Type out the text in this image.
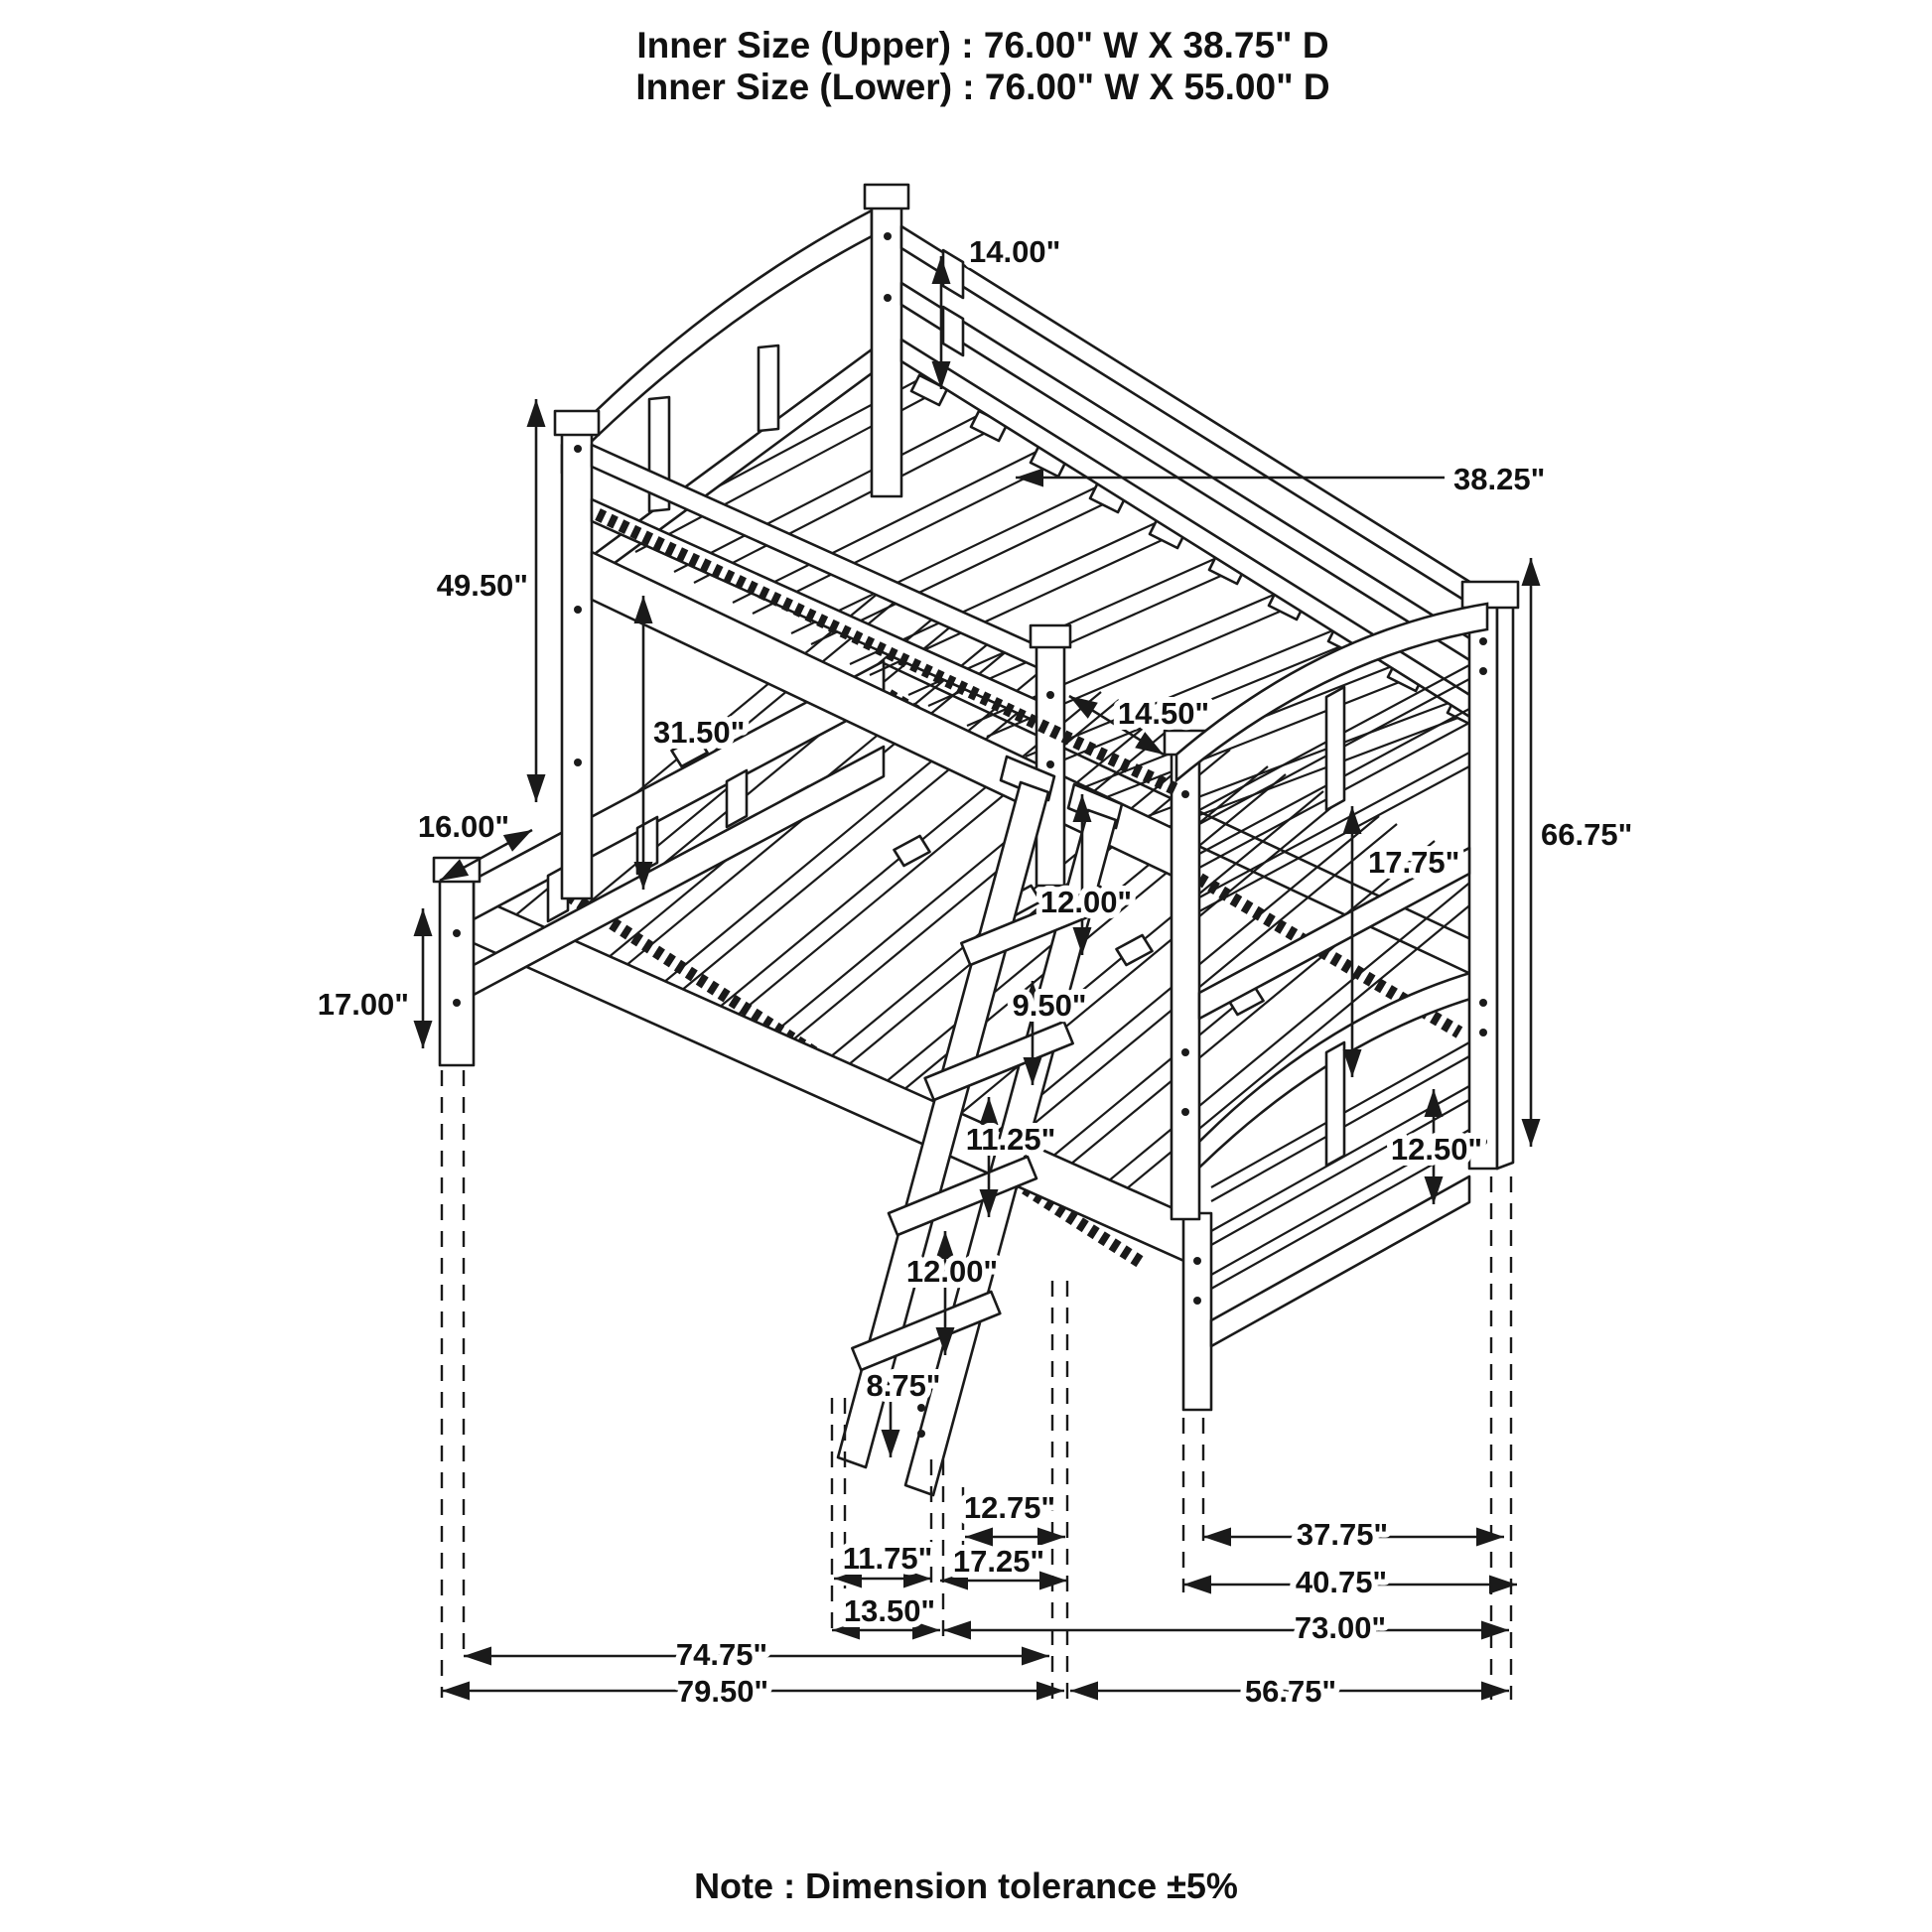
Inner Size (Upper) : 76.00" W X 38.75" D
Inner Size (Lower) : 76.00" W X 55.00" D
14.00"
38.25"
49.50"
31.50"
16.00"
17.00"
14.50"
12.00"
9.50"
11.25"
12.00"
8.75"
17.75"
66.75"
12.50"
12.75"
11.75" 17.25"
13.50"
37.75"
40.75"
73.00"
74.75"
79.50"	56.75"
Note : Dimension tolerance ±5%
